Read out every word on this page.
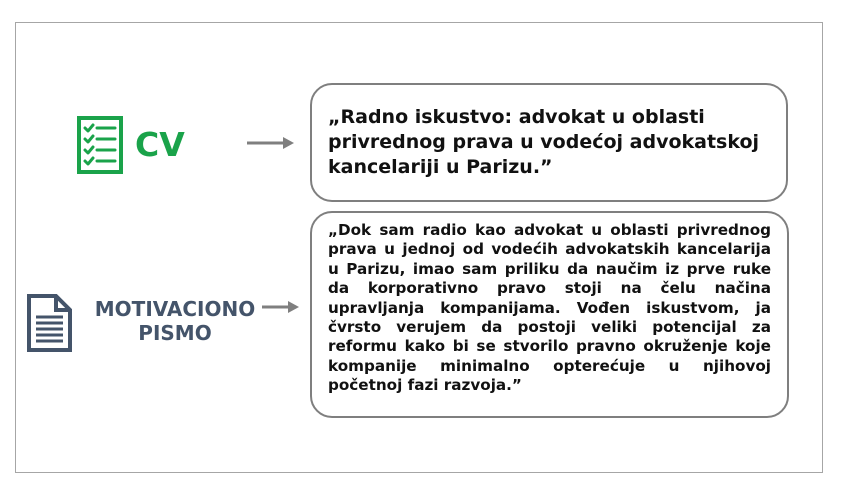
CV
„Radno iskustvo: advokat u oblasti privrednog prava u vodećoj advokatskoj kancelariji u Parizu.”
MOTIVACIONO
PISMO
„Dok sam radio kao advokat u oblasti privrednog prava u jednoj od vodećih advokatskih kancelarija u Parizu, imao sam priliku da naučim iz prve ruke da korporativno pravo stoji na čelu načina upravljanja kompanijama. Vođen iskustvom, ja čvrsto verujem da postoji veliki potencijal za reformu kako bi se stvorilo pravno okruženje koje kompanije minimalno opterećuje u njihovoj početnoj fazi razvoja.”
